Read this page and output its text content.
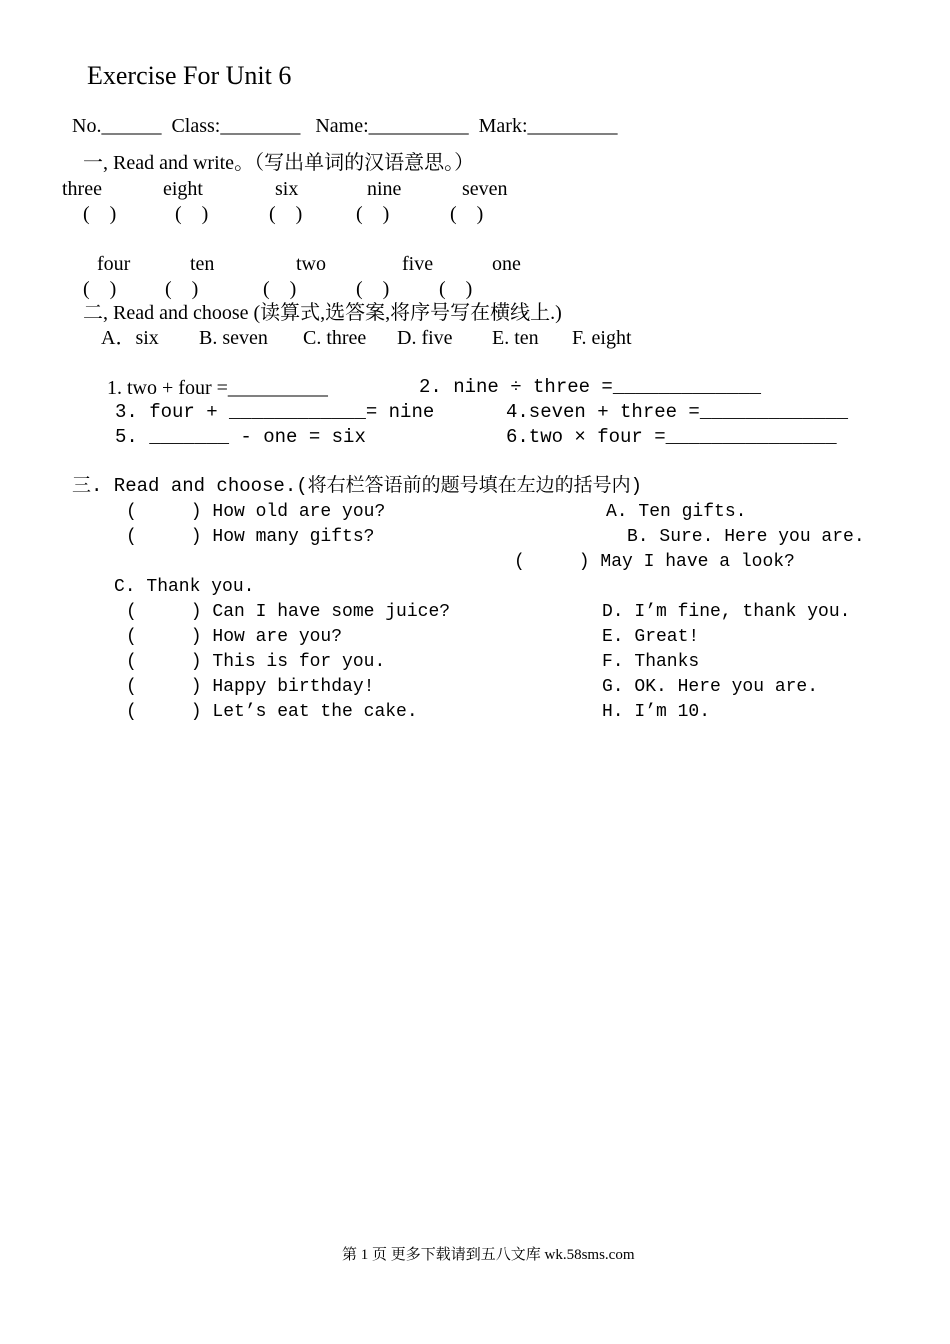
Exercise For Unit 6
No.______  Class:________   Name:__________  Mark:_________
一, Read and write。（写出单词的汉语意思。）
three	eight	six	nine	seven
(    )	(    )	(    )	(    )	(    )
four	ten	two	five	one
(    ) (    )	(    )	(    ) (    )
二, Read and choose (读算式,选答案,将序号写在横线上.)
A．six B. seven C. three D. five E. ten F. eight
1. two + four =__________	2. nine ÷ three =_____________
3. four + ____________= nine	4.seven + three =_____________
5. _______ - one = six	6.two × four =_______________
三. Read and choose.(将右栏答语前的题号填在左边的括号内)
(     ) How old are you?	A. Ten gifts.
(     ) How many gifts?	B. Sure. Here you are.
(     ) May I have a look?
C. Thank you.
(     ) Can I have some juice?	D. I’m fine, thank you.
(     ) How are you?	E. Great!
(     ) This is for you.	F. Thanks
(     ) Happy birthday!	G. OK. Here you are.
(     ) Let’s eat the cake.	H. I’m 10.
第 1 页 更多下载请到五八文库 wk.58sms.com
